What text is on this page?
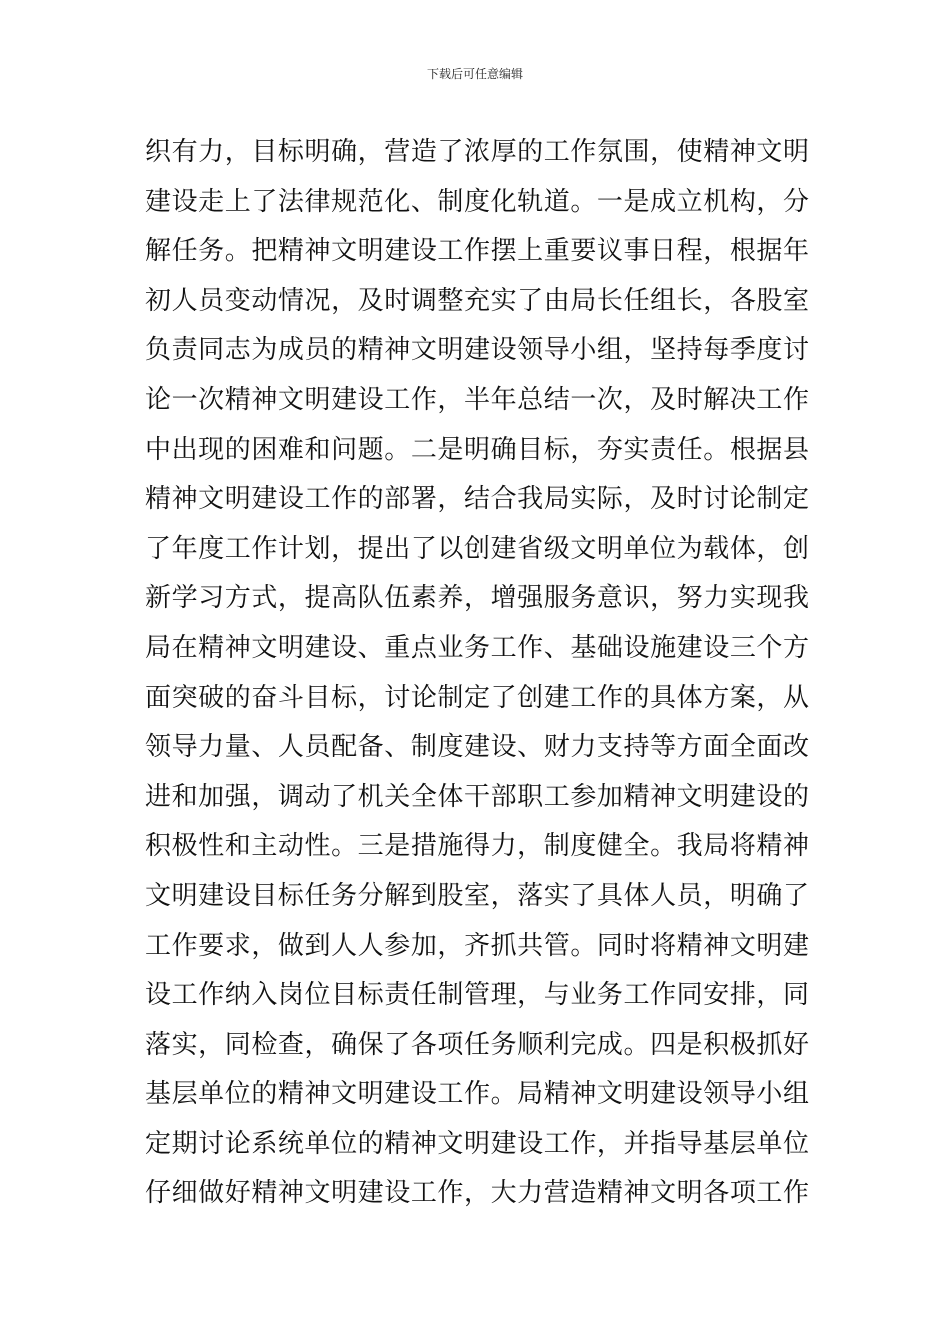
下载后可任意编辑
织有力，目标明确，营造了浓厚的工作氛围，使精神文明
建设走上了法律规范化、制度化轨道。一是成立机构，分
解任务。把精神文明建设工作摆上重要议事日程，根据年
初人员变动情况，及时调整充实了由局长任组长，各股室
负责同志为成员的精神文明建设领导小组，坚持每季度讨
论一次精神文明建设工作，半年总结一次，及时解决工作
中出现的困难和问题。二是明确目标，夯实责任。根据县
精神文明建设工作的部署，结合我局实际，及时讨论制定
了年度工作计划，提出了以创建省级文明单位为载体，创
新学习方式，提高队伍素养，增强服务意识，努力实现我
局在精神文明建设、重点业务工作、基础设施建设三个方
面突破的奋斗目标，讨论制定了创建工作的具体方案，从
领导力量、人员配备、制度建设、财力支持等方面全面改
进和加强，调动了机关全体干部职工参加精神文明建设的
积极性和主动性。三是措施得力，制度健全。我局将精神
文明建设目标任务分解到股室，落实了具体人员，明确了
工作要求，做到人人参加，齐抓共管。同时将精神文明建
设工作纳入岗位目标责任制管理，与业务工作同安排，同
落实，同检查，确保了各项任务顺利完成。四是积极抓好
基层单位的精神文明建设工作。局精神文明建设领导小组
定期讨论系统单位的精神文明建设工作，并指导基层单位
仔细做好精神文明建设工作，大力营造精神文明各项工作
